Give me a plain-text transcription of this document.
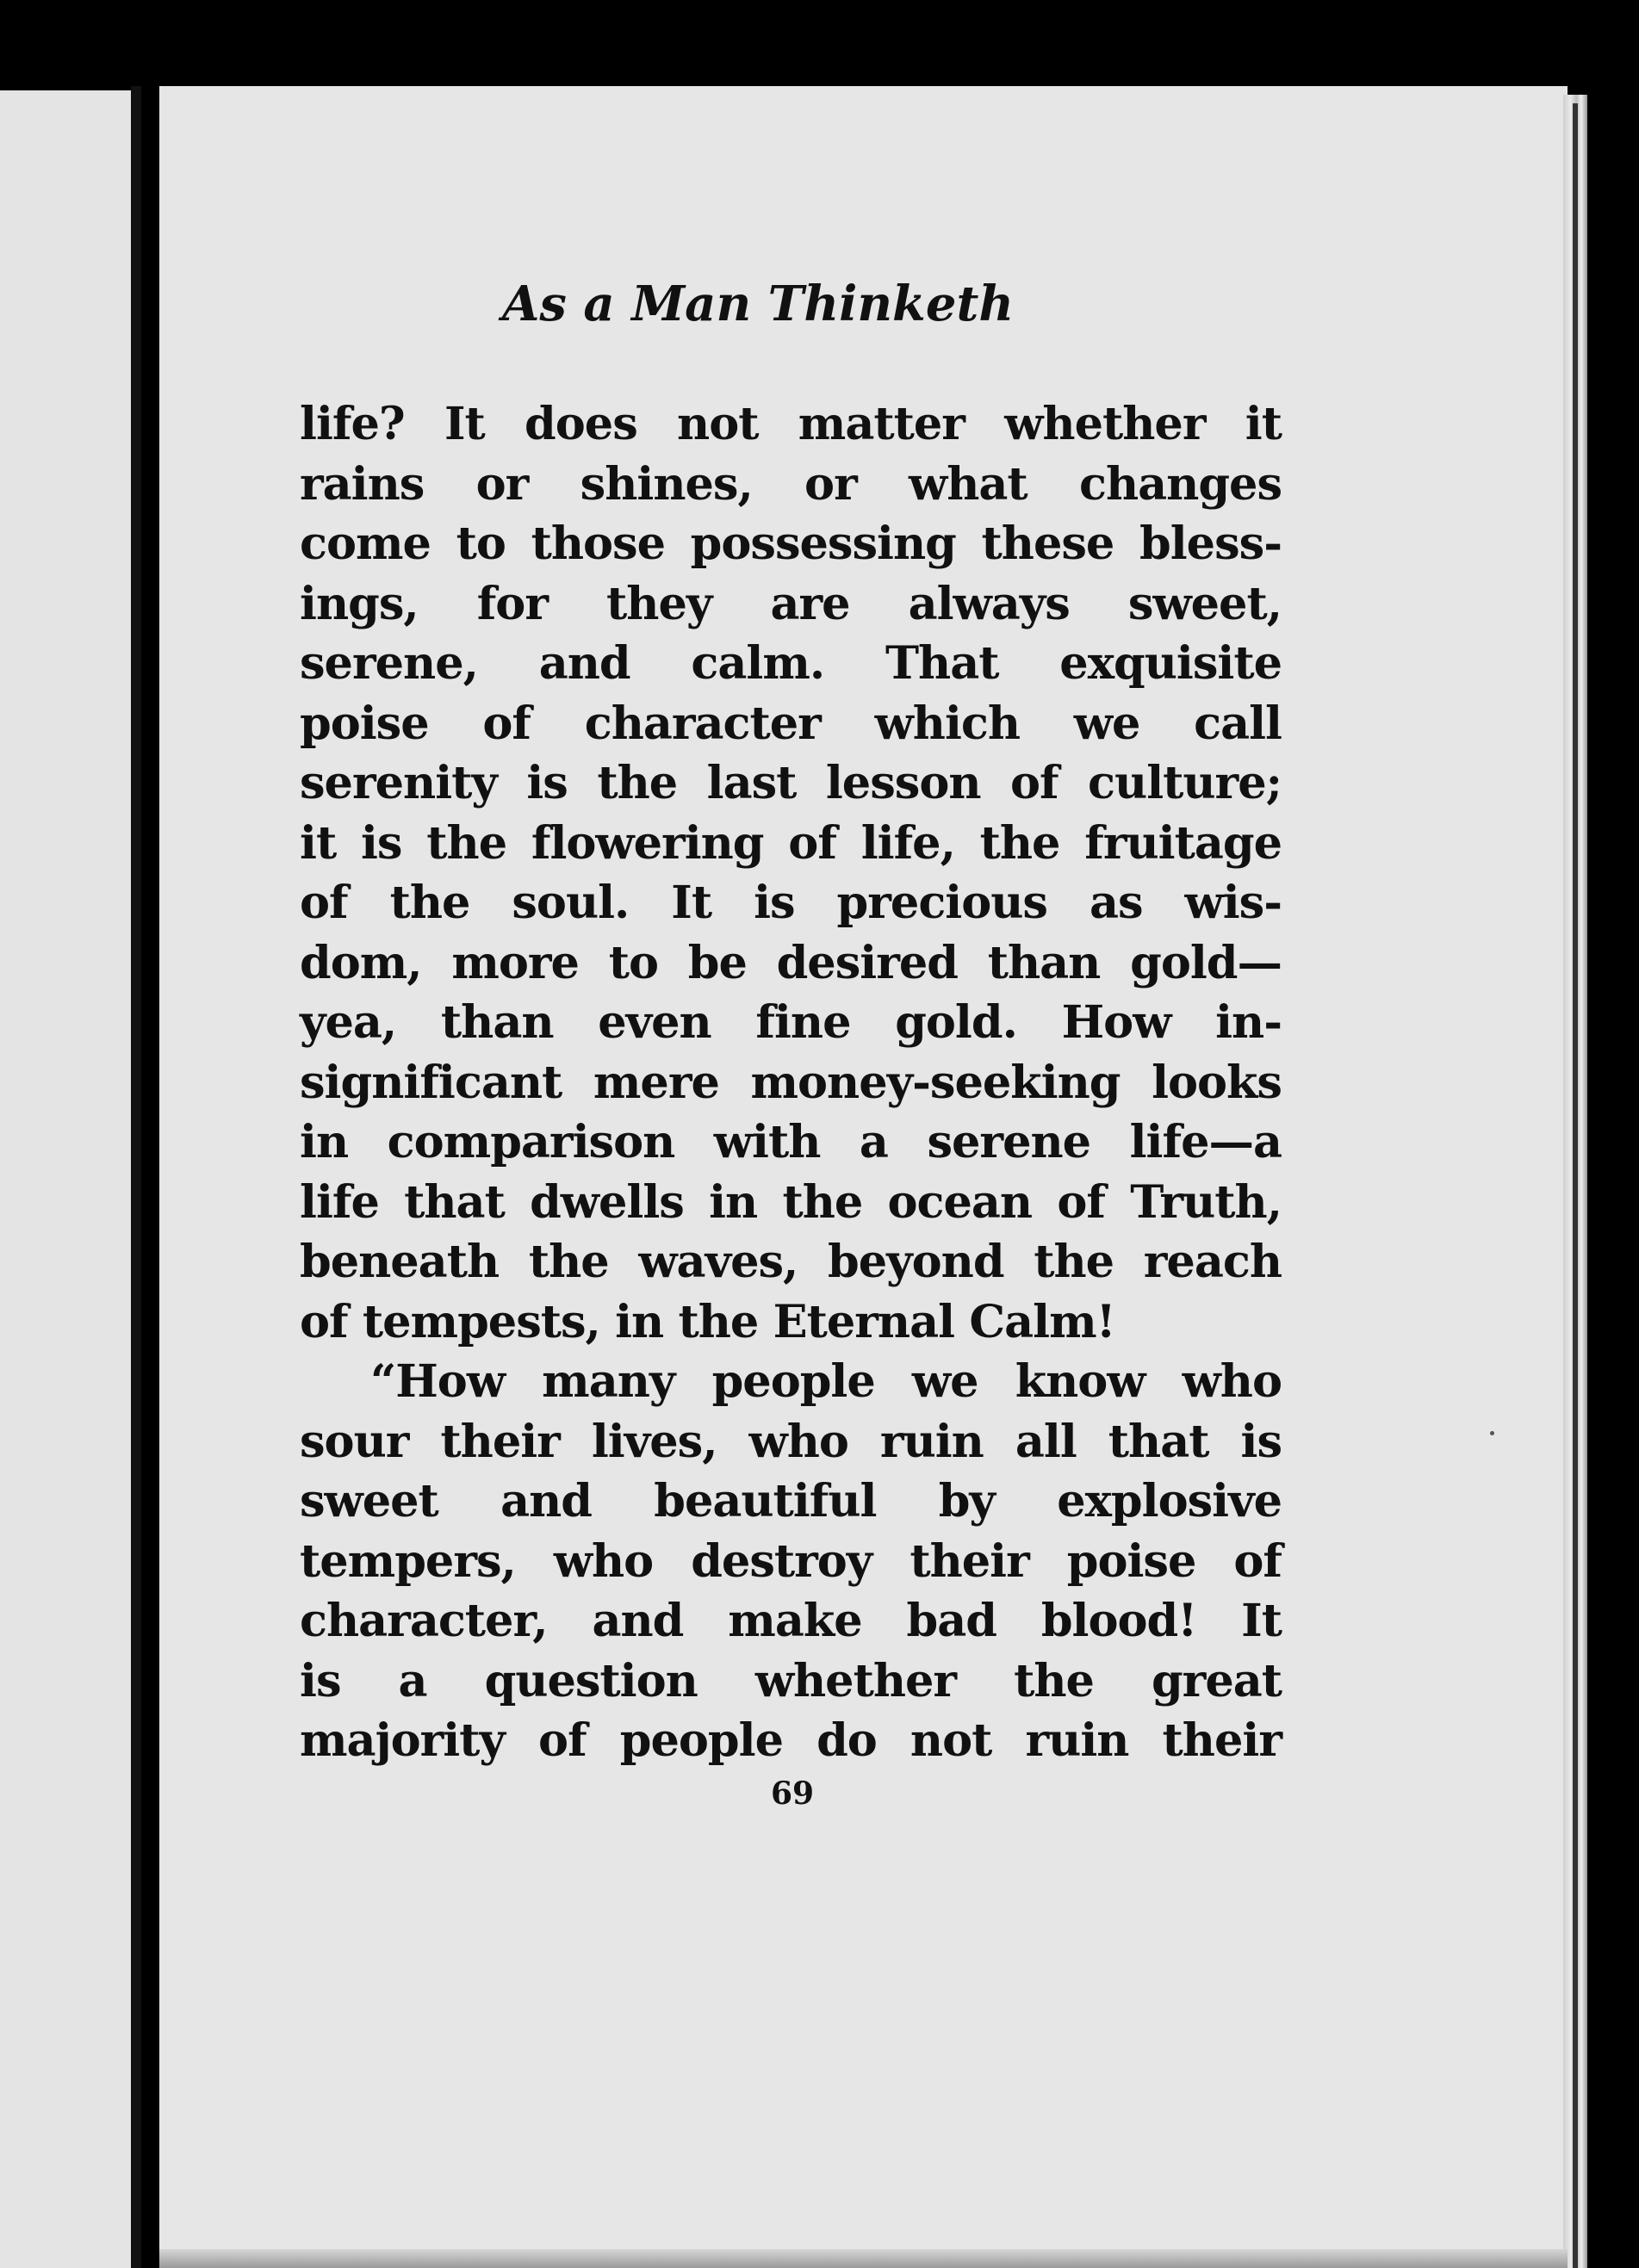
As a Man Thinketh
life? It does not matter whether it
rains or shines, or what changes
come to those possessing these bless-
ings, for they are always sweet,
serene, and calm. That exquisite
poise of character which we call
serenity is the last lesson of culture;
it is the flowering of life, the fruitage
of the soul. It is precious as wis-
dom, more to be desired than gold—
yea, than even fine gold. How in-
significant mere money-seeking looks
in comparison with a serene life—a
life that dwells in the ocean of Truth,
beneath the waves, beyond the reach
of tempests, in the Eternal Calm!
“How many people we know who
sour their lives, who ruin all that is
sweet and beautiful by explosive
tempers, who destroy their poise of
character, and make bad blood! It
is a question whether the great
majority of people do not ruin their
69
